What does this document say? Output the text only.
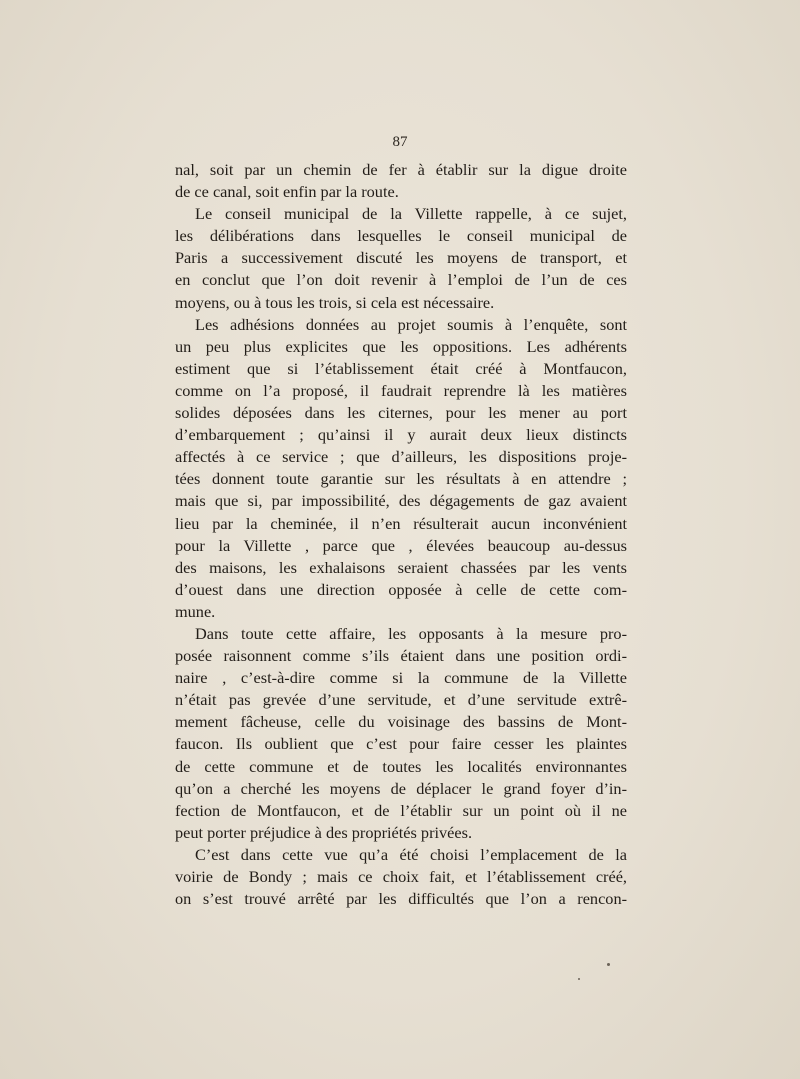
87
nal, soit par un chemin de fer à établir sur la digue droite
de ce canal, soit enfin par la route.
Le conseil municipal de la Villette rappelle, à ce sujet,
les délibérations dans lesquelles le conseil municipal de
Paris a successivement discuté les moyens de transport, et
en conclut que l’on doit revenir à l’emploi de l’un de ces
moyens, ou à tous les trois, si cela est nécessaire.
Les adhésions données au projet soumis à l’enquête, sont
un peu plus explicites que les oppositions. Les adhérents
estiment que si l’établissement était créé à Montfaucon,
comme on l’a proposé, il faudrait reprendre là les matières
solides déposées dans les citernes, pour les mener au port
d’embarquement ; qu’ainsi il y aurait deux lieux distincts
affectés à ce service ; que d’ailleurs, les dispositions proje-
tées donnent toute garantie sur les résultats à en attendre ;
mais que si, par impossibilité, des dégagements de gaz avaient
lieu par la cheminée, il n’en résulterait aucun inconvénient
pour la Villette , parce que , élevées beaucoup au-dessus
des maisons, les exhalaisons seraient chassées par les vents
d’ouest dans une direction opposée à celle de cette com-
mune.
Dans toute cette affaire, les opposants à la mesure pro-
posée raisonnent comme s’ils étaient dans une position ordi-
naire , c’est-à-dire comme si la commune de la Villette
n’était pas grevée d’une servitude, et d’une servitude extrê-
mement fâcheuse, celle du voisinage des bassins de Mont-
faucon. Ils oublient que c’est pour faire cesser les plaintes
de cette commune et de toutes les localités environnantes
qu’on a cherché les moyens de déplacer le grand foyer d’in-
fection de Montfaucon, et de l’établir sur un point où il ne
peut porter préjudice à des propriétés privées.
C’est dans cette vue qu’a été choisi l’emplacement de la
voirie de Bondy ; mais ce choix fait, et l’établissement créé,
on s’est trouvé arrêté par les difficultés que l’on a rencon-
